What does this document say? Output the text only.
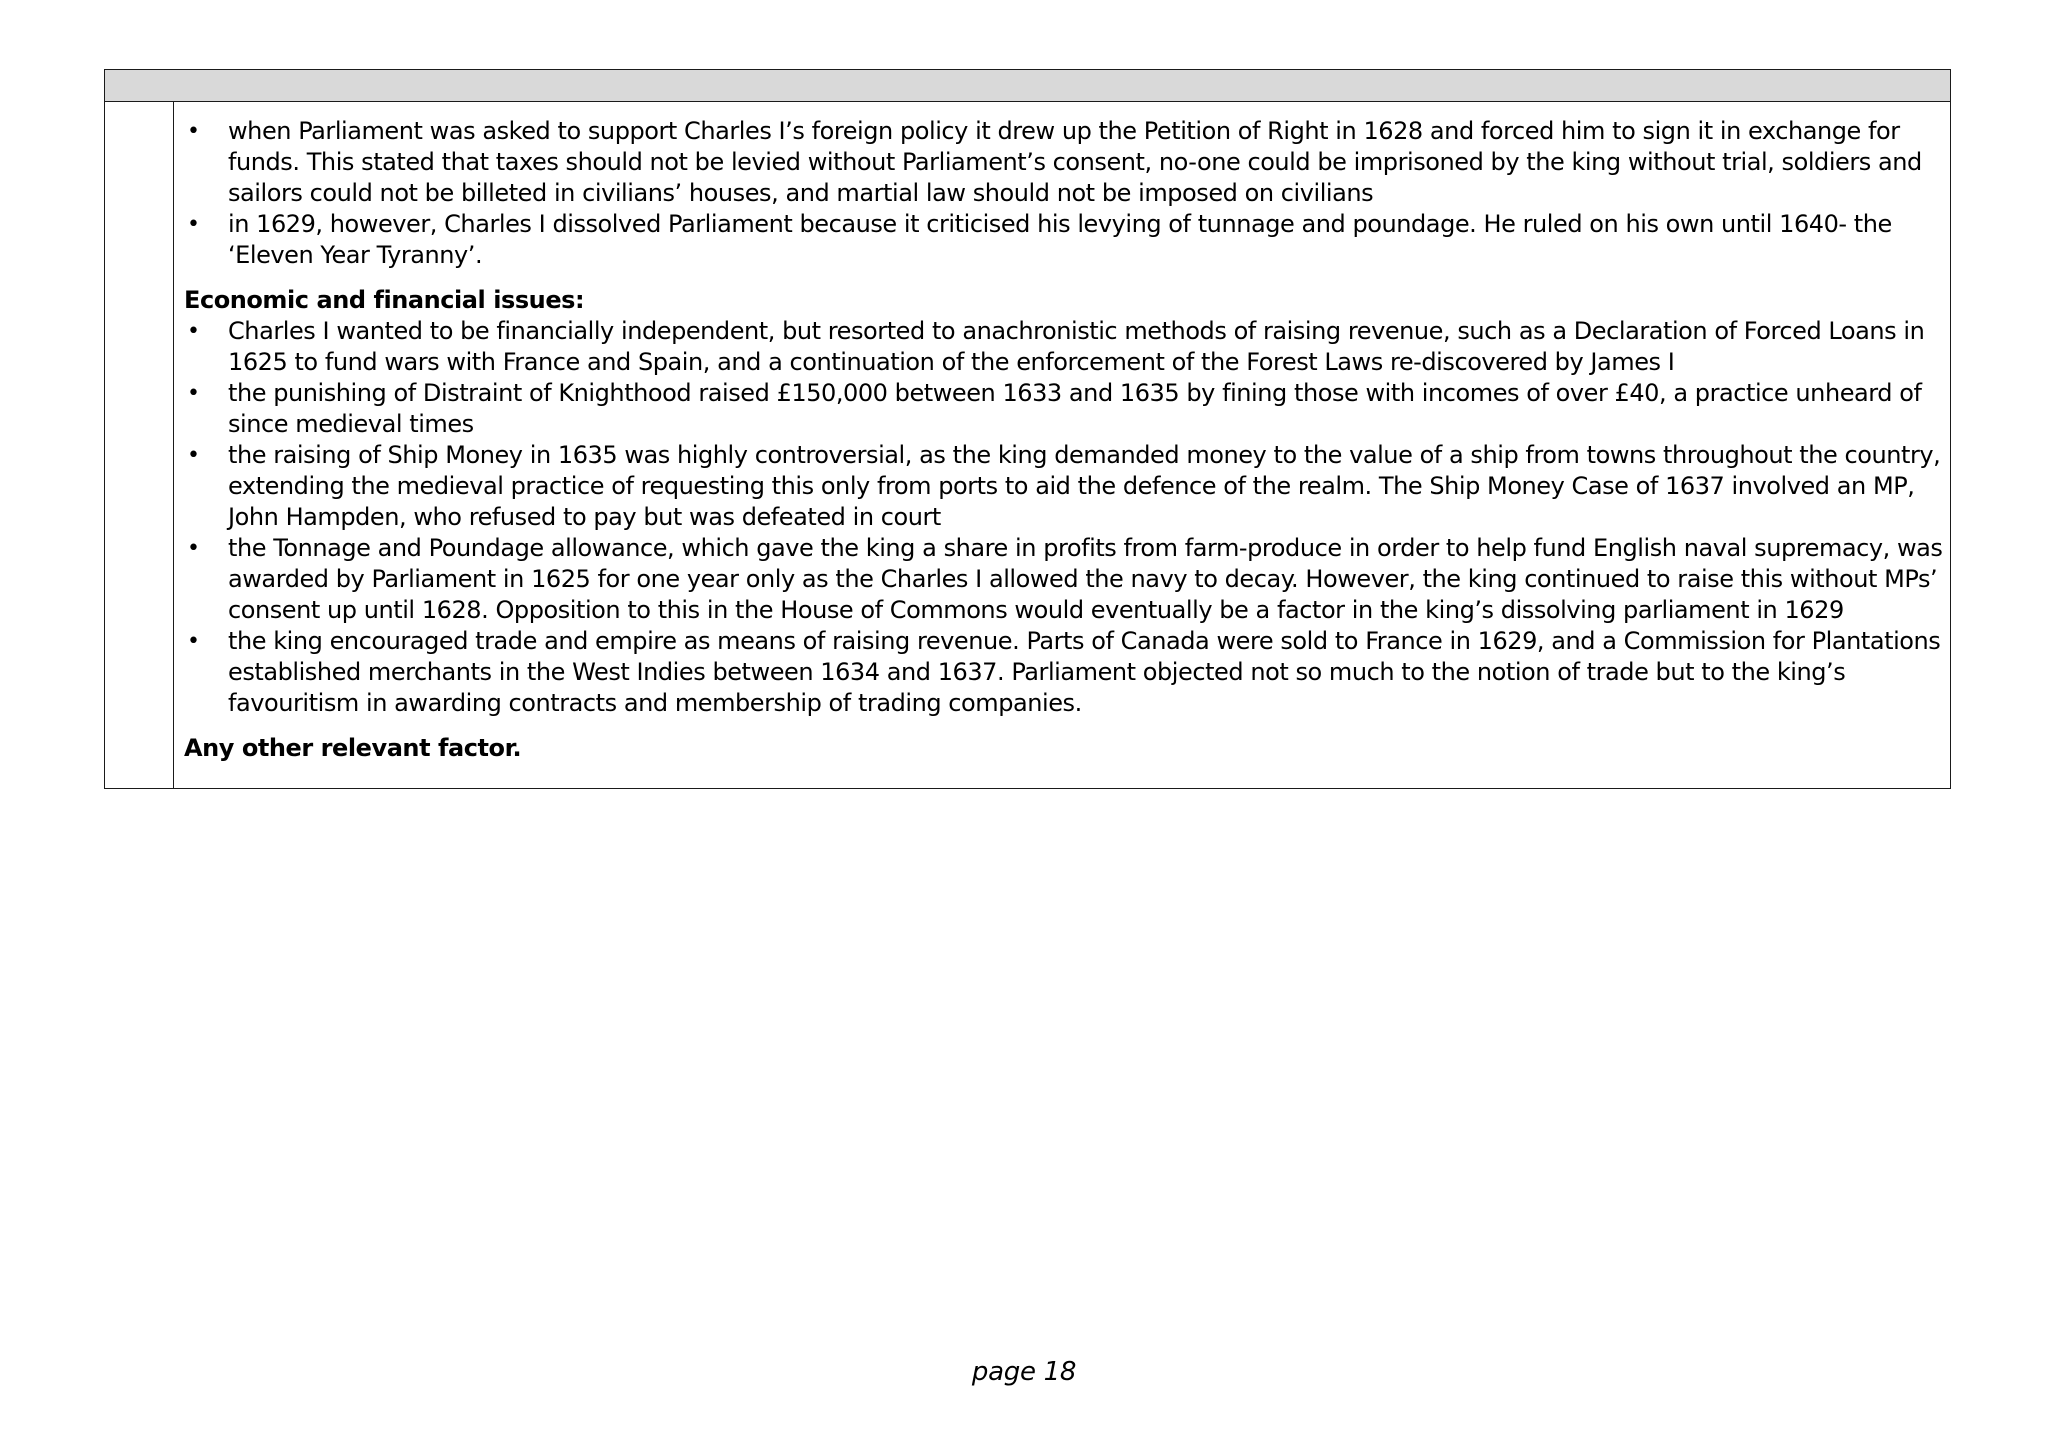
• when Parliament was asked to support Charles I’s foreign policy it drew up the Petition of Right in 1628 and forced him to sign it in exchange for funds. This stated that taxes should not be levied without Parliament’s consent, no-one could be imprisoned by the king without trial, soldiers and sailors could not be billeted in civilians’ houses, and martial law should not be imposed on civilians
• in 1629, however, Charles I dissolved Parliament because it criticised his levying of tunnage and poundage. He ruled on his own until 1640- the ‘Eleven Year Tyranny’.
Economic and financial issues:
• Charles I wanted to be financially independent, but resorted to anachronistic methods of raising revenue, such as a Declaration of Forced Loans in 1625 to fund wars with France and Spain, and a continuation of the enforcement of the Forest Laws re-discovered by James I
• the punishing of Distraint of Knighthood raised £150,000 between 1633 and 1635 by fining those with incomes of over £40, a practice unheard of since medieval times
• the raising of Ship Money in 1635 was highly controversial, as the king demanded money to the value of a ship from towns throughout the country, extending the medieval practice of requesting this only from ports to aid the defence of the realm. The Ship Money Case of 1637 involved an MP, John Hampden, who refused to pay but was defeated in court
• the Tonnage and Poundage allowance, which gave the king a share in profits from farm-produce in order to help fund English naval supremacy, was awarded by Parliament in 1625 for one year only as the Charles I allowed the navy to decay. However, the king continued to raise this without MPs’ consent up until 1628. Opposition to this in the House of Commons would eventually be a factor in the king’s dissolving parliament in 1629
• the king encouraged trade and empire as means of raising revenue. Parts of Canada were sold to France in 1629, and a Commission for Plantations established merchants in the West Indies between 1634 and 1637. Parliament objected not so much to the notion of trade but to the king’s favouritism in awarding contracts and membership of trading companies.
Any other relevant factor.
page 18
